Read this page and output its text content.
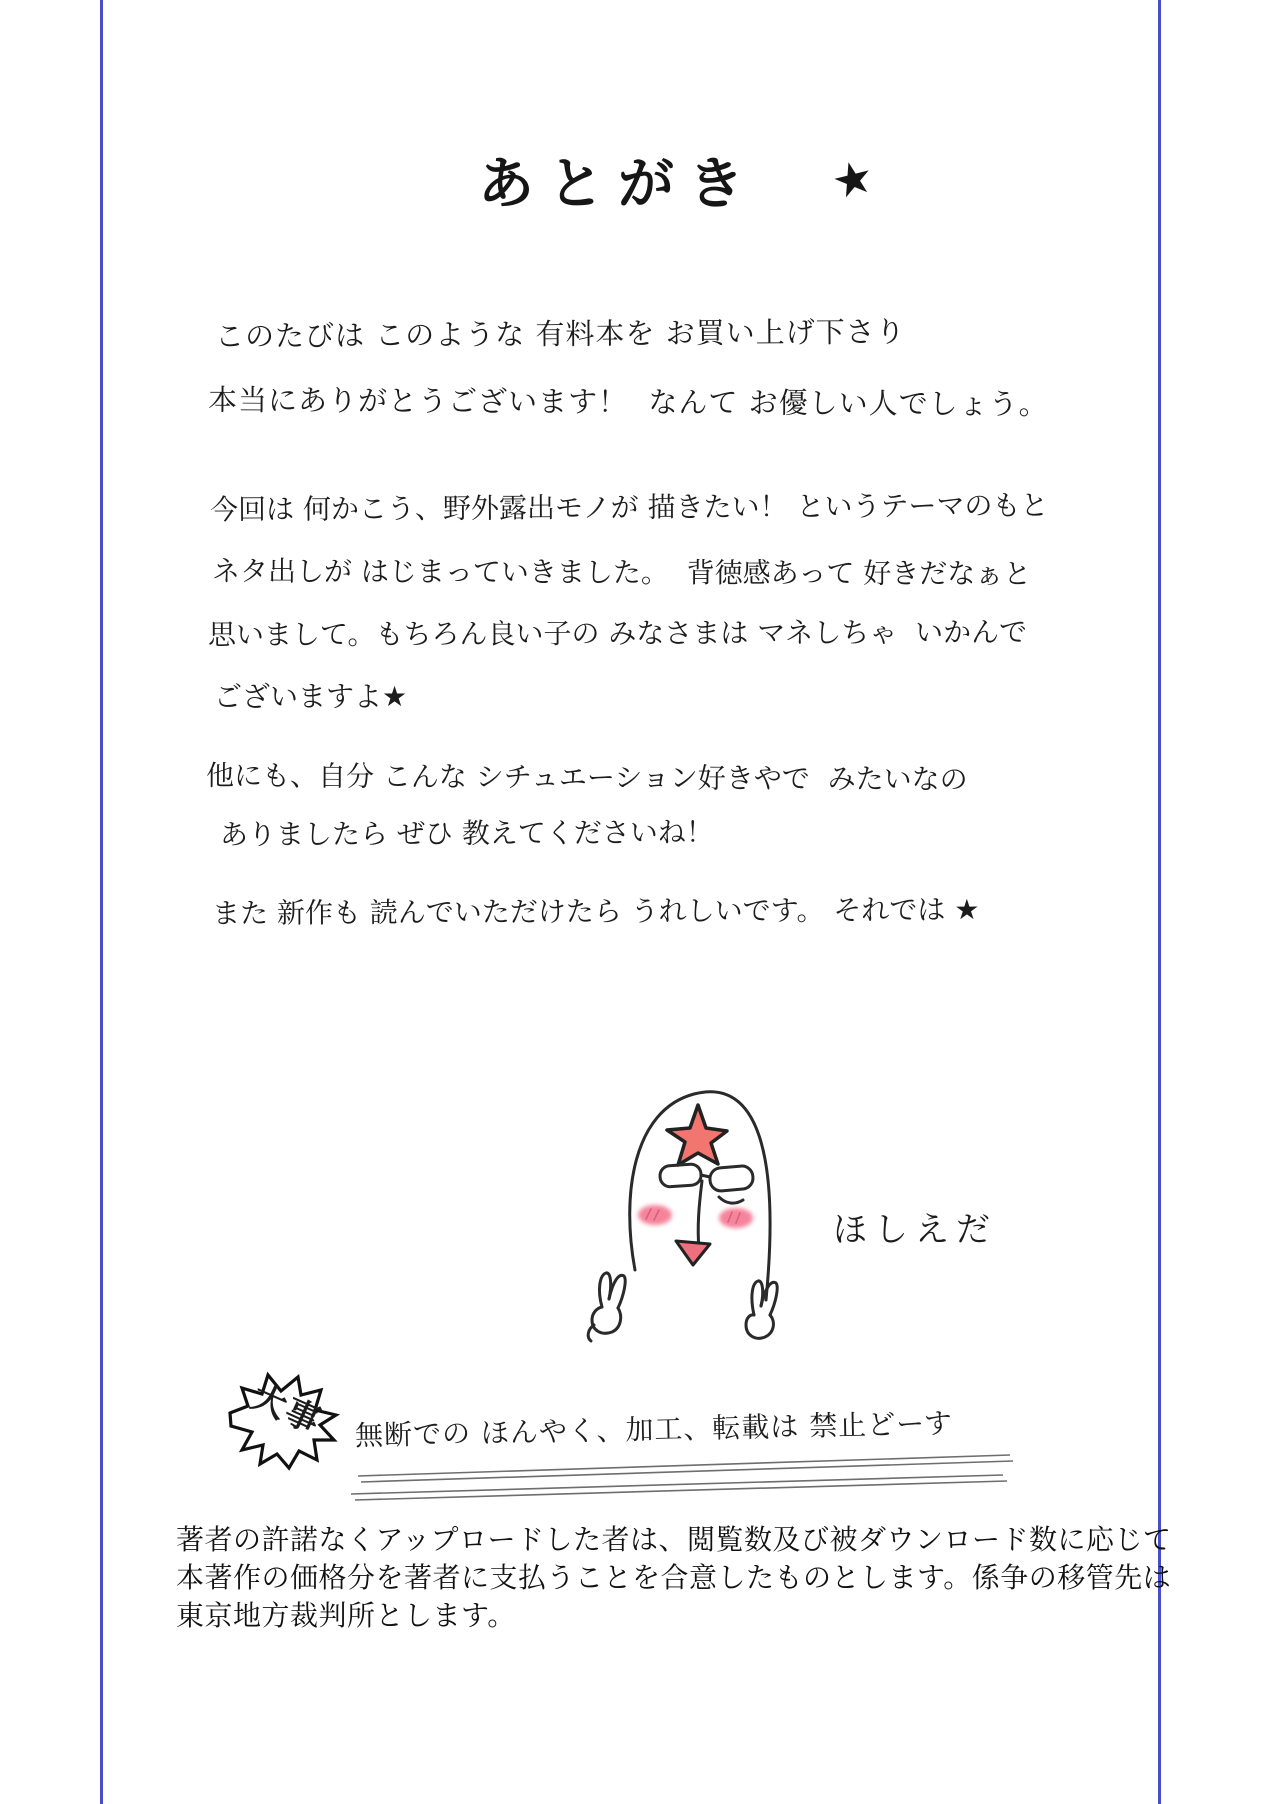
あとがき ★
このたびは このような 有料本を お買い上げ下さり
本当にありがとうございます！  なんて お優しい人でしょう。
今回は 何かこう、野外露出モノが 描きたい！ というテーマのもと
ネタ出しが はじまっていきました。  背徳感あって 好きだなぁと
思いまして。もちろん良い子の みなさまは マネしちゃ  いかんで
ございますよ★
他にも、自分 こんな シチュエーション好きやで  みたいなの
ありましたら ぜひ 教えてくださいね！
また 新作も 読んでいただけたら うれしいです。 それでは ★
ほしえだ
大事 無断での ほんやく、加工、転載は 禁止どーす
著者の許諾なくアップロードした者は、閲覧数及び被ダウンロード数に応じて
本著作の価格分を著者に支払うことを合意したものとします。係争の移管先は
東京地方裁判所とします。
